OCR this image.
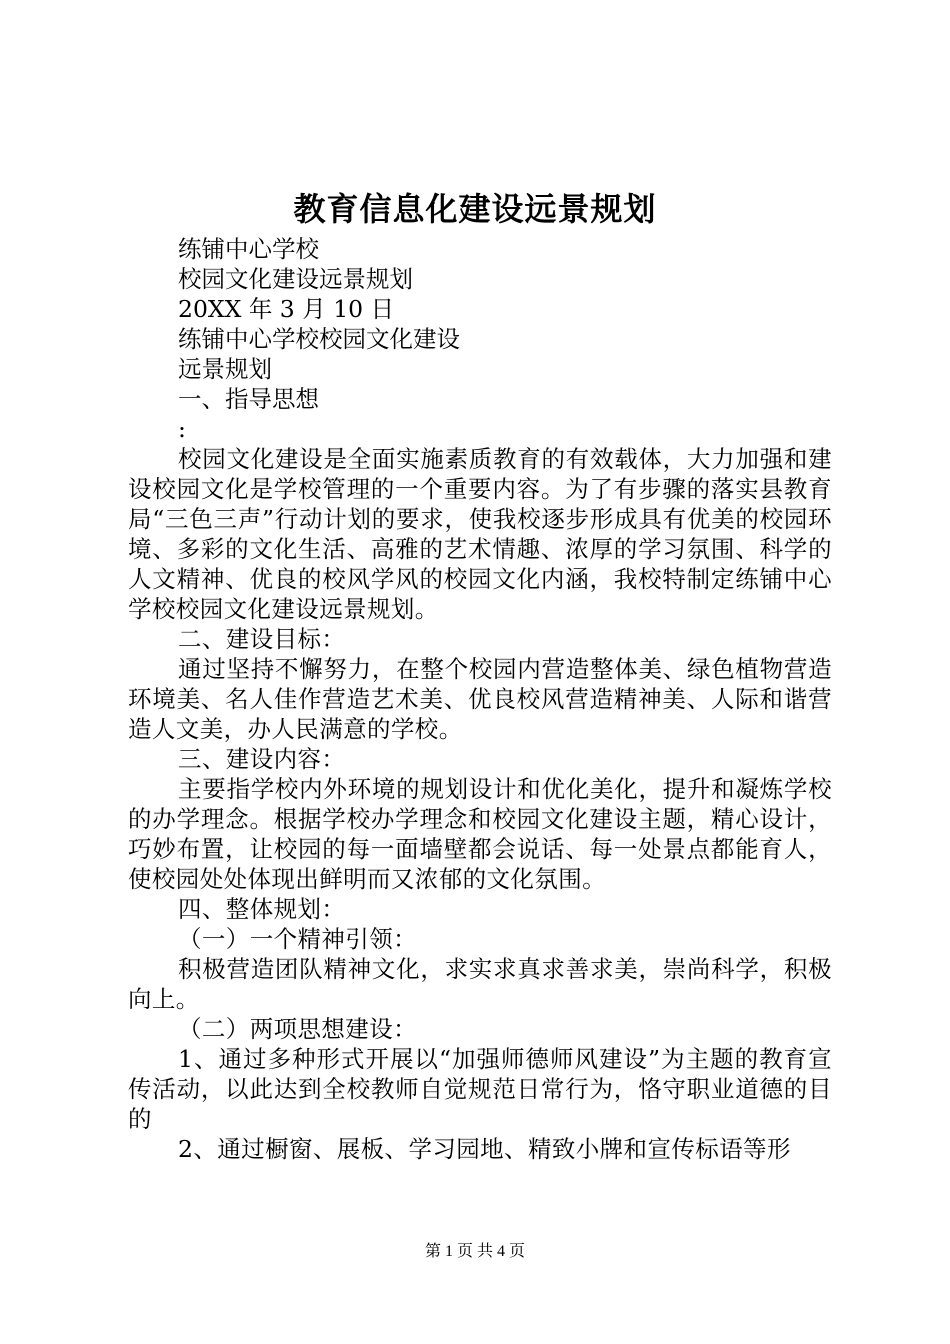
教育信息化建设远景规划
练铺中心学校
校园文化建设远景规划
20XX 年 3 月 10 日
练铺中心学校校园文化建设
远景规划
一、指导思想
:
校园文化建设是全面实施素质教育的有效载体，大力加强和建设校园文化是学校管理的一个重要内容。为了有步骤的落实县教育局“三色三声”行动计划的要求，使我校逐步形成具有优美的校园环境、多彩的文化生活、高雅的艺术情趣、浓厚的学习氛围、科学的人文精神、优良的校风学风的校园文化内涵，我校特制定练铺中心学校校园文化建设远景规划。
二、建设目标：
通过坚持不懈努力，在整个校园内营造整体美、绿色植物营造环境美、名人佳作营造艺术美、优良校风营造精神美、人际和谐营造人文美，办人民满意的学校。
三、建设内容：
主要指学校内外环境的规划设计和优化美化，提升和凝炼学校的办学理念。根据学校办学理念和校园文化建设主题，精心设计，巧妙布置，让校园的每一面墙壁都会说话、每一处景点都能育人，使校园处处体现出鲜明而又浓郁的文化氛围。
四、整体规划：
（一）一个精神引领：
积极营造团队精神文化，求实求真求善求美，崇尚科学，积极向上。
（二）两项思想建设：
1、通过多种形式开展以“加强师德师风建设”为主题的教育宣传活动，以此达到全校教师自觉规范日常行为，恪守职业道德的目的
2、通过橱窗、展板、学习园地、精致小牌和宣传标语等形
第 1 页 共 4 页
